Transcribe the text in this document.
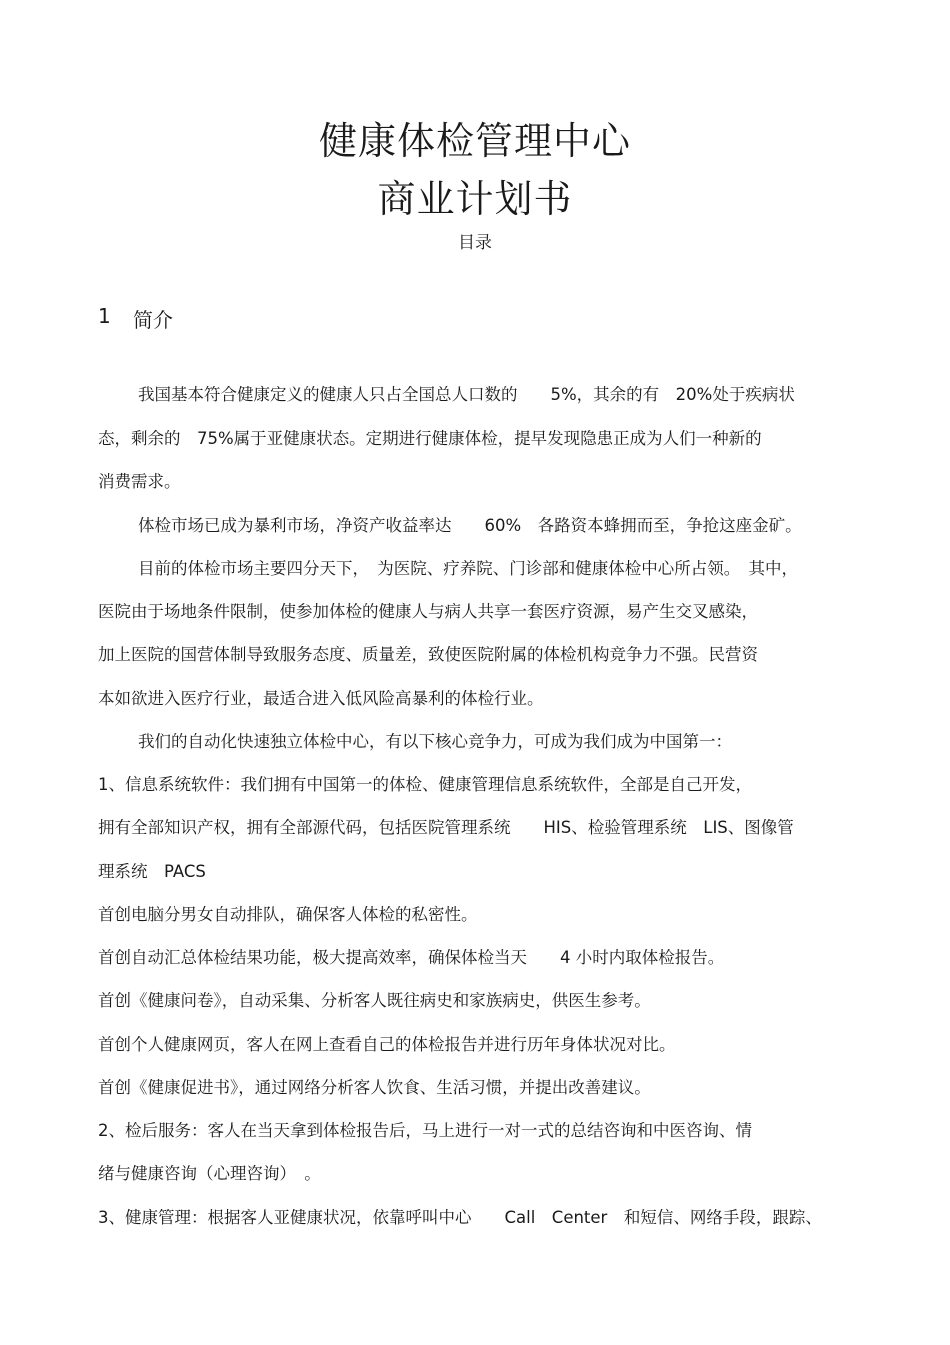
健康体检管理中心
商业计划书
目录
1 简介
我国基本符合健康定义的健康人只占全国总人口数的　　5%，其余的有　20%处于疾病状
态，剩余的　75%属于亚健康状态。定期进行健康体检，提早发现隐患正成为人们一种新的
消费需求。
体检市场已成为暴利市场，净资产收益率达　　60%　各路资本蜂拥而至，争抢这座金矿。
目前的体检市场主要四分天下，　为医院、疗养院、门诊部和健康体检中心所占领。　其中，
医院由于场地条件限制，使参加体检的健康人与病人共享一套医疗资源，易产生交叉感染，
加上医院的国营体制导致服务态度、质量差，致使医院附属的体检机构竞争力不强。民营资
本如欲进入医疗行业，最适合进入低风险高暴利的体检行业。
我们的自动化快速独立体检中心，有以下核心竞争力，可成为我们成为中国第一：
1、信息系统软件：我们拥有中国第一的体检、健康管理信息系统软件，全部是自己开发，
拥有全部知识产权，拥有全部源代码，包括医院管理系统　　HIS、检验管理系统　LIS、图像管
理系统　PACS
首创电脑分男女自动排队，确保客人体检的私密性。
首创自动汇总体检结果功能，极大提高效率，确保体检当天　　4 小时内取体检报告。
首创《健康问卷》，自动采集、分析客人既往病史和家族病史，供医生参考。
首创个人健康网页，客人在网上查看自己的体检报告并进行历年身体状况对比。
首创《健康促进书》，通过网络分析客人饮食、生活习惯，并提出改善建议。
2、检后服务：客人在当天拿到体检报告后，马上进行一对一式的总结咨询和中医咨询、情
绪与健康咨询（心理咨询）　。
3、健康管理：根据客人亚健康状况，依靠呼叫中心　　Call　Center　和短信、网络手段，跟踪、
